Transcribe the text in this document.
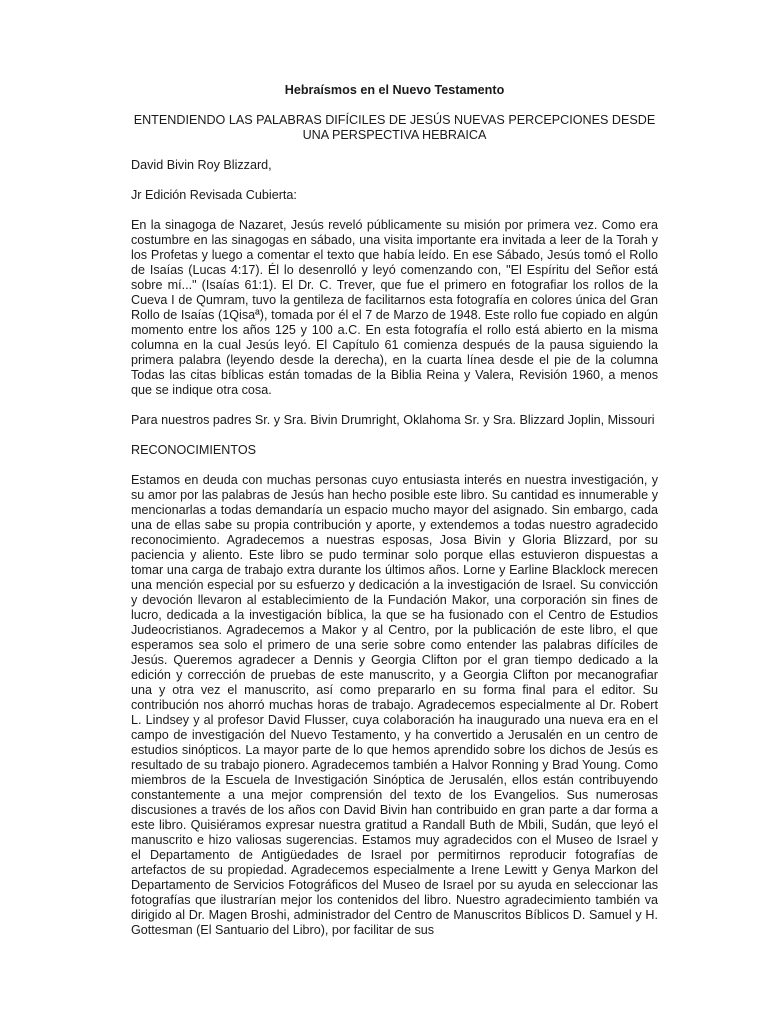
Hebraísmos en el Nuevo Testamento
ENTENDIENDO LAS PALABRAS DIFÍCILES DE JESÚS NUEVAS PERCEPCIONES DESDE UNA PERSPECTIVA HEBRAICA
David Bivin Roy Blizzard,
Jr Edición Revisada Cubierta:
En la sinagoga de Nazaret, Jesús reveló públicamente su misión por primera vez. Como era costumbre en las sinagogas en sábado, una visita importante era invitada a leer de la Torah y los Profetas y luego a comentar el texto que había leído. En ese Sábado, Jesús tomó el Rollo de Isaías (Lucas 4:17). Él lo desenrolló y leyó comenzando con, "El Espíritu del Señor está sobre mí..." (Isaías 61:1). El Dr. C. Trever, que fue el primero en fotografiar los rollos de la Cueva I de Qumram, tuvo la gentileza de facilitarnos esta fotografía en colores única del Gran Rollo de Isaías (1Qisaª), tomada por él el 7 de Marzo de 1948. Este rollo fue copiado en algún momento entre los años 125 y 100 a.C. En esta fotografía el rollo está abierto en la misma columna en la cual Jesús leyó. El Capítulo 61 comienza después de la pausa siguiendo la primera palabra (leyendo desde la derecha), en la cuarta línea desde el pie de la columna Todas las citas bíblicas están tomadas de la Biblia Reina y Valera, Revisión 1960, a menos que se indique otra cosa.
Para nuestros padres Sr. y Sra. Bivin Drumright, Oklahoma Sr. y Sra. Blizzard Joplin, Missouri
RECONOCIMIENTOS
Estamos en deuda con muchas personas cuyo entusiasta interés en nuestra investigación, y su amor por las palabras de Jesús han hecho posible este libro. Su cantidad es innumerable y mencionarlas a todas demandaría un espacio mucho mayor del asignado. Sin embargo, cada una de ellas sabe su propia contribución y aporte, y extendemos a todas nuestro agradecido reconocimiento. Agradecemos a nuestras esposas, Josa Bivin y Gloria Blizzard, por su paciencia y aliento. Este libro se pudo terminar solo porque ellas estuvieron dispuestas a tomar una carga de trabajo extra durante los últimos años. Lorne y Earline Blacklock merecen una mención especial por su esfuerzo y dedicación a la investigación de Israel. Su convicción y devoción llevaron al establecimiento de la Fundación Makor, una corporación sin fines de lucro, dedicada a la investigación bíblica, la que se ha fusionado con el Centro de Estudios Judeocristianos. Agradecemos a Makor y al Centro, por la publicación de este libro, el que esperamos sea solo el primero de una serie sobre como entender las palabras difíciles de Jesús. Queremos agradecer a Dennis y Georgia Clifton por el gran tiempo dedicado a la edición y corrección de pruebas de este manuscrito, y a Georgia Clifton por mecanografiar una y otra vez el manuscrito, así como prepararlo en su forma final para el editor. Su contribución nos ahorró muchas horas de trabajo. Agradecemos especialmente al Dr. Robert L. Lindsey y al profesor David Flusser, cuya colaboración ha inaugurado una nueva era en el campo de investigación del Nuevo Testamento, y ha convertido a Jerusalén en un centro de estudios sinópticos. La mayor parte de lo que hemos aprendido sobre los dichos de Jesús es resultado de su trabajo pionero. Agradecemos también a Halvor Ronning y Brad Young. Como miembros de la Escuela de Investigación Sinóptica de Jerusalén, ellos están contribuyendo constantemente a una mejor comprensión del texto de los Evangelios. Sus numerosas discusiones a través de los años con David Bivin han contribuido en gran parte a dar forma a este libro. Quisiéramos expresar nuestra gratitud a Randall Buth de Mbili, Sudán, que leyó el manuscrito e hizo valiosas sugerencias. Estamos muy agradecidos con el Museo de Israel y el Departamento de Antigüedades de Israel por permitirnos reproducir fotografías de artefactos de su propiedad. Agradecemos especialmente a Irene Lewitt y Genya Markon del Departamento de Servicios Fotográficos del Museo de Israel por su ayuda en seleccionar las fotografías que ilustrarían mejor los contenidos del libro. Nuestro agradecimiento también va dirigido al Dr. Magen Broshi, administrador del Centro de Manuscritos Bíblicos D. Samuel y H. Gottesman (El Santuario del Libro), por facilitar de sus
